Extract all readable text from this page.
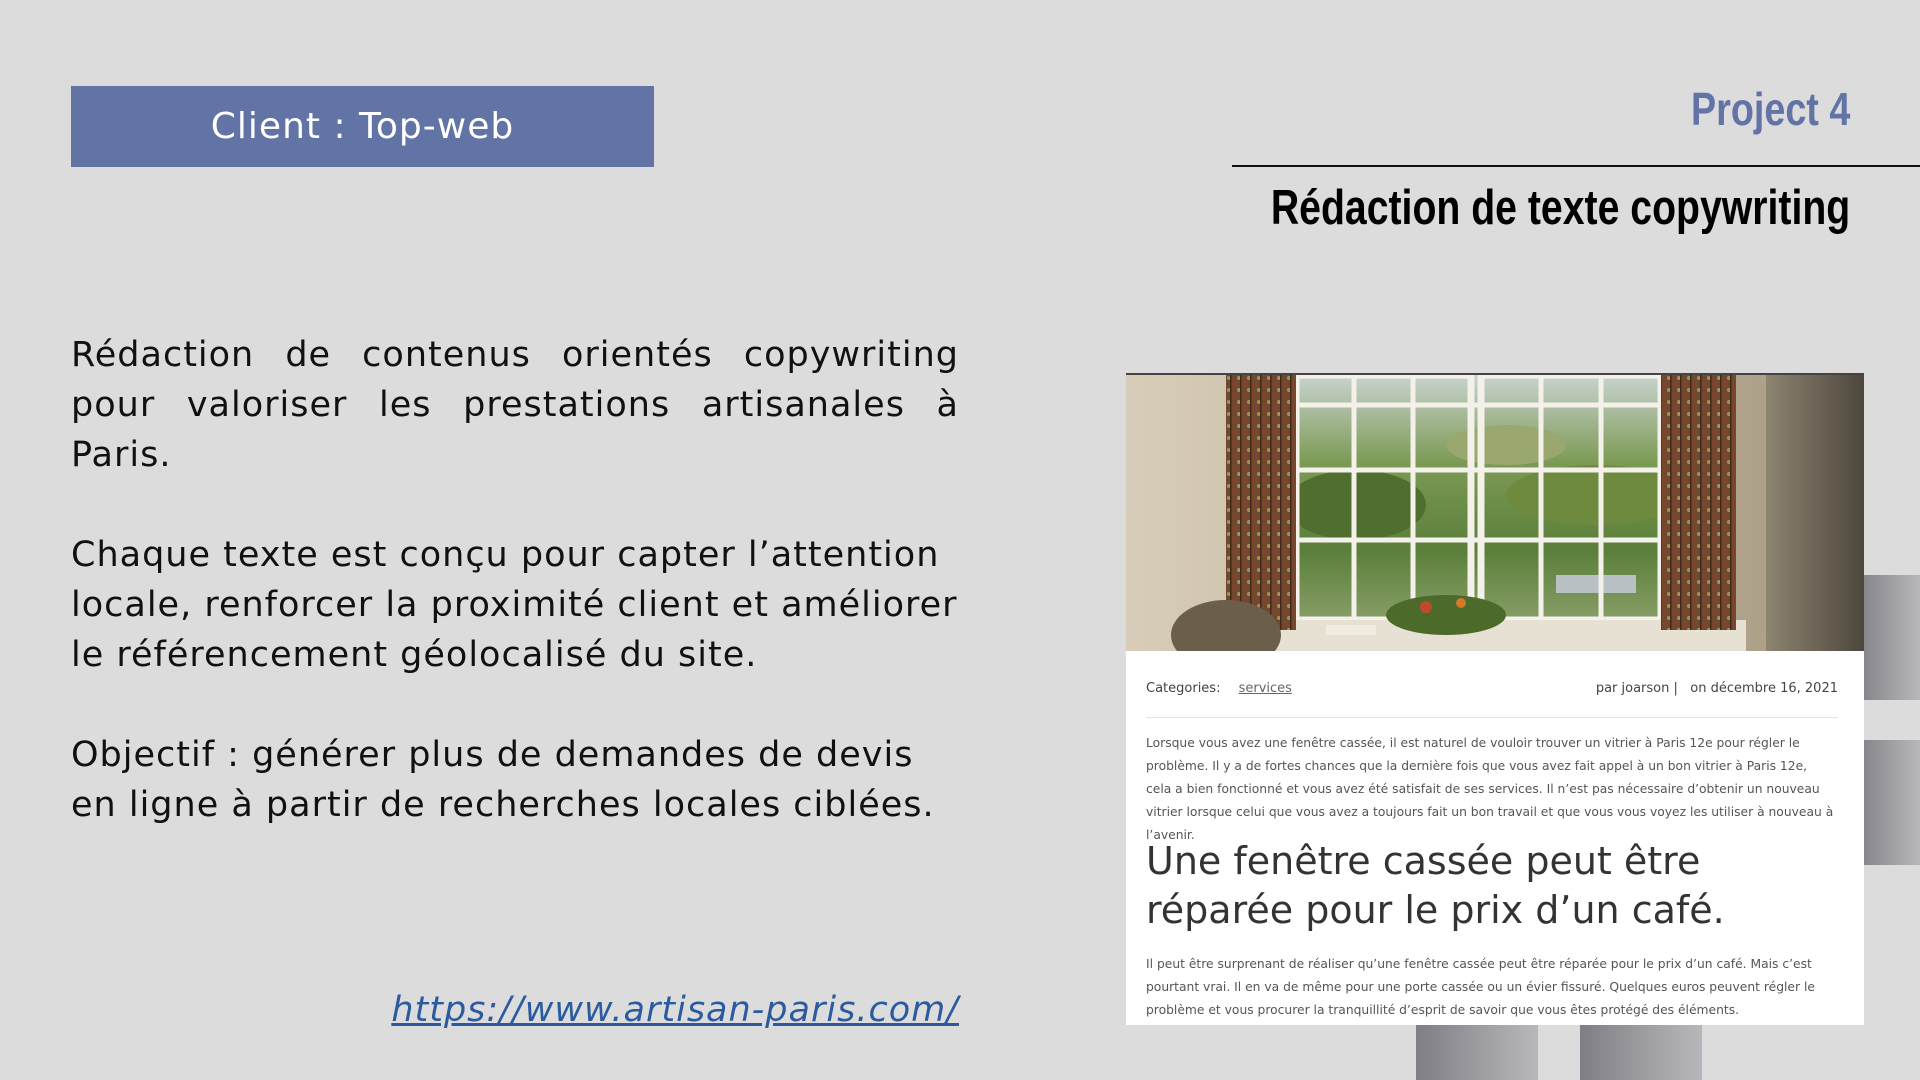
Client : Top-web	Project 4
Rédaction de texte copywriting
Rédaction de contenus orientés copywriting pour valoriser les prestations artisanales à Paris.
Chaque texte est conçu pour capter l’attention locale, renforcer la proximité client et améliorer le référencement géolocalisé du site.
Objectif : générer plus de demandes de devis en ligne à partir de recherches locales ciblées.
https://www.artisan-paris.com/
Categories: services	par joarson | on décembre 16, 2021
Lorsque vous avez une fenêtre cassée, il est naturel de vouloir trouver un vitrier à Paris 12e pour régler le problème. Il y a de fortes chances que la dernière fois que vous avez fait appel à un bon vitrier à Paris 12e, cela a bien fonctionné et vous avez été satisfait de ses services. Il n’est pas nécessaire d’obtenir un nouveau vitrier lorsque celui que vous avez a toujours fait un bon travail et que vous vous voyez les utiliser à nouveau à l’avenir.
Une fenêtre cassée peut être réparée pour le prix d’un café.
Il peut être surprenant de réaliser qu’une fenêtre cassée peut être réparée pour le prix d’un café. Mais c’est pourtant vrai. Il en va de même pour une porte cassée ou un évier fissuré. Quelques euros peuvent régler le problème et vous procurer la tranquillité d’esprit de savoir que vous êtes protégé des éléments.
